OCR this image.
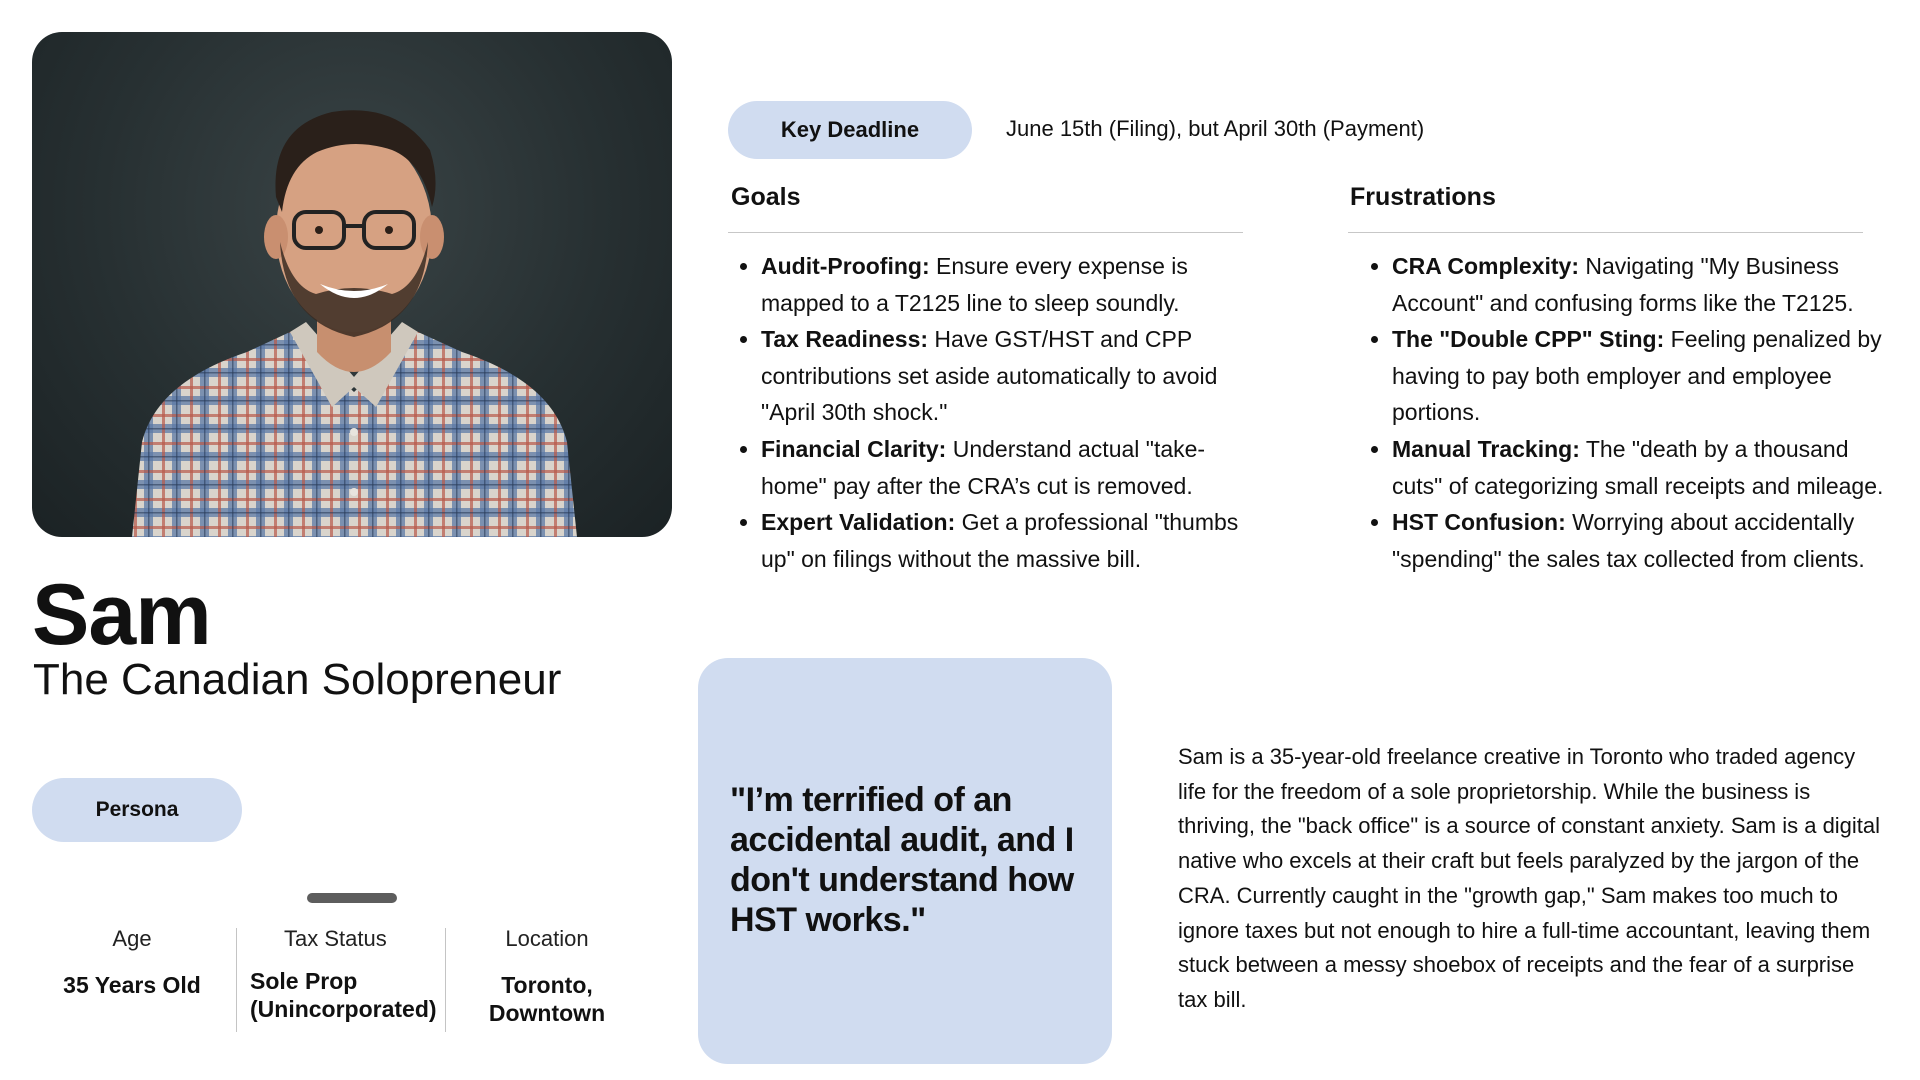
Sam
The Canadian Solopreneur
Persona
Age
35 Years Old
Tax Status
Sole Prop
(Unincorporated)
Location
Toronto,
Downtown
Key Deadline	June 15th (Filing), but April 30th (Payment)
Goals
• Audit-Proofing: Ensure every expense is mapped to a T2125 line to sleep soundly.
• Tax Readiness: Have GST/HST and CPP contributions set aside automatically to avoid "April 30th shock."
• Financial Clarity: Understand actual "take-home" pay after the CRA’s cut is removed.
• Expert Validation: Get a professional "thumbs up" on filings without the massive bill.
Frustrations
• CRA Complexity: Navigating "My Business Account" and confusing forms like the T2125.
• The "Double CPP" Sting: Feeling penalized by having to pay both employer and employee portions.
• Manual Tracking: The "death by a thousand cuts" of categorizing small receipts and mileage.
• HST Confusion: Worrying about accidentally "spending" the sales tax collected from clients.
"I’m terrified of an accidental audit, and I don't understand how HST works."
Sam is a 35-year-old freelance creative in Toronto who traded agency life for the freedom of a sole proprietorship. While the business is thriving, the "back office" is a source of constant anxiety. Sam is a digital native who excels at their craft but feels paralyzed by the jargon of the CRA. Currently caught in the "growth gap," Sam makes too much to ignore taxes but not enough to hire a full-time accountant, leaving them stuck between a messy shoebox of receipts and the fear of a surprise tax bill.
